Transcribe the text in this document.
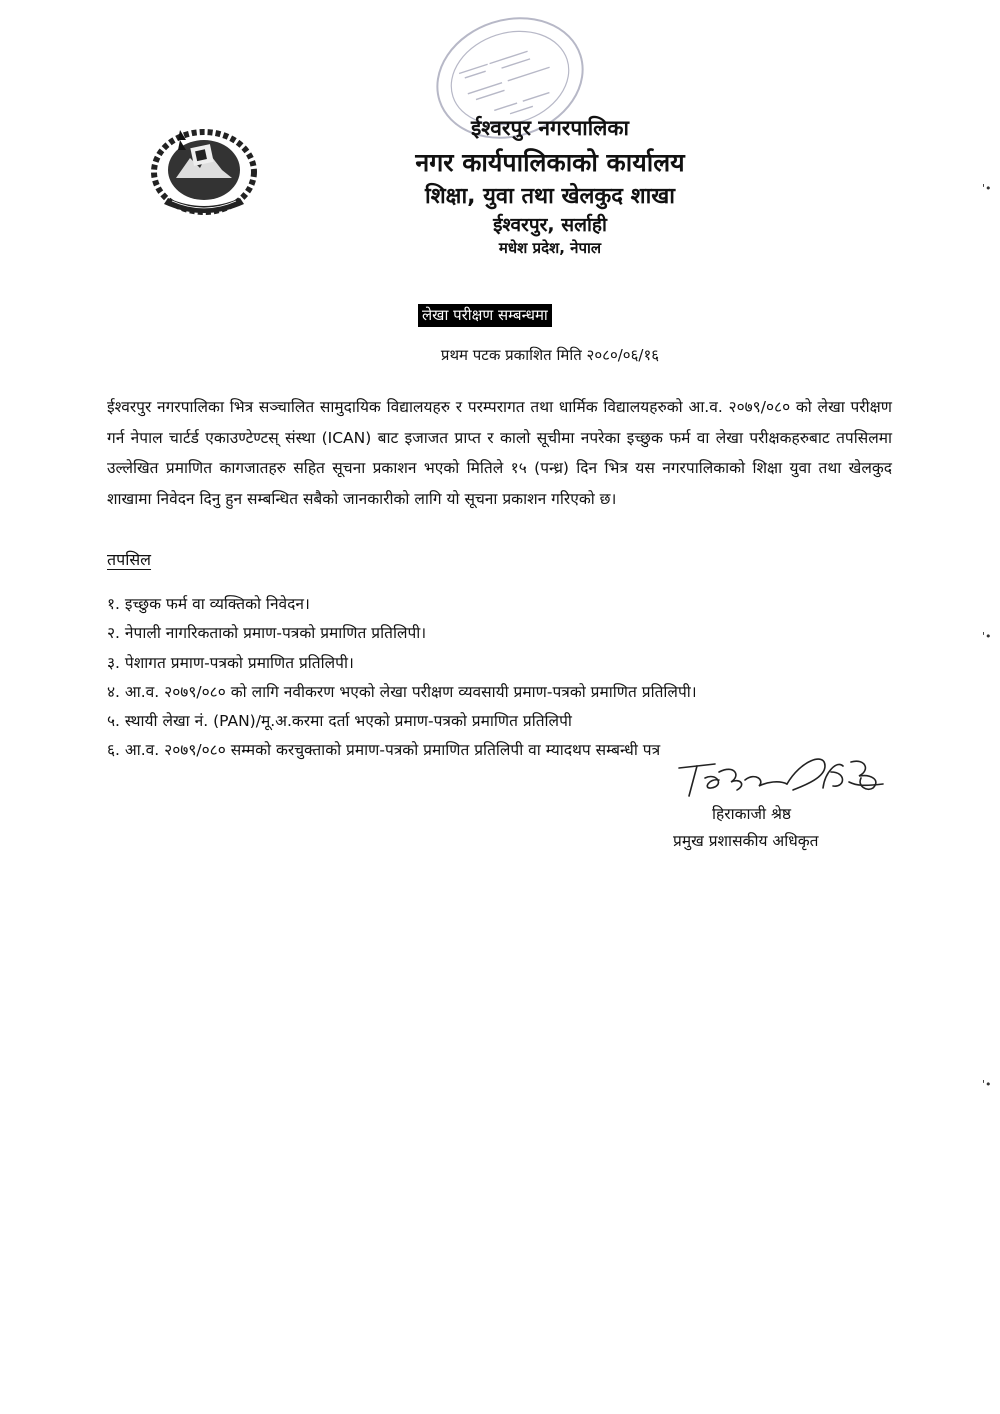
ईश्वरपुर नगरपालिका
नगर कार्यपालिकाको कार्यालय
शिक्षा, युवा तथा खेलकुद शाखा
ईश्वरपुर, सर्लाही
मधेश प्रदेश, नेपाल
लेखा परीक्षण सम्बन्धमा
प्रथम पटक प्रकाशित मिति २०८०/०६/१६

ईश्वरपुर नगरपालिका भित्र सञ्चालित सामुदायिक विद्यालयहरु र परम्परागत तथा धार्मिक विद्यालयहरुको आ.व. २०७९/०८० को लेखा परीक्षण गर्न नेपाल चार्टर्ड एकाउण्टेण्टस् संस्था (ICAN) बाट इजाजत प्राप्त र कालो सूचीमा नपरेका इच्छुक फर्म वा लेखा परीक्षकहरुबाट तपसिलमा उल्लेखित प्रमाणित कागजातहरु सहित सूचना प्रकाशन भएको मितिले १५ (पन्ध्र) दिन भित्र यस नगरपालिकाको शिक्षा युवा तथा खेलकुद शाखामा निवेदन दिनु हुन सम्बन्धित सबैको जानकारीको लागि यो सूचना प्रकाशन गरिएको छ।

तपसिल
१. इच्छुक फर्म वा व्यक्तिको निवेदन।
२. नेपाली नागरिकताको प्रमाण-पत्रको प्रमाणित प्रतिलिपी।
३. पेशागत प्रमाण-पत्रको प्रमाणित प्रतिलिपी।
४. आ.व. २०७९/०८० को लागि नवीकरण भएको लेखा परीक्षण व्यवसायी प्रमाण-पत्रको प्रमाणित प्रतिलिपी।
५. स्थायी लेखा नं. (PAN)/मू.अ.करमा दर्ता भएको प्रमाण-पत्रको प्रमाणित प्रतिलिपी
६. आ.व. २०७९/०८० सम्मको करचुक्ताको प्रमाण-पत्रको प्रमाणित प्रतिलिपी वा म्यादथप सम्बन्धी पत्र
हिराकाजी श्रेष्ठ
प्रमुख प्रशासकीय अधिकृत
'•
'•
'•
